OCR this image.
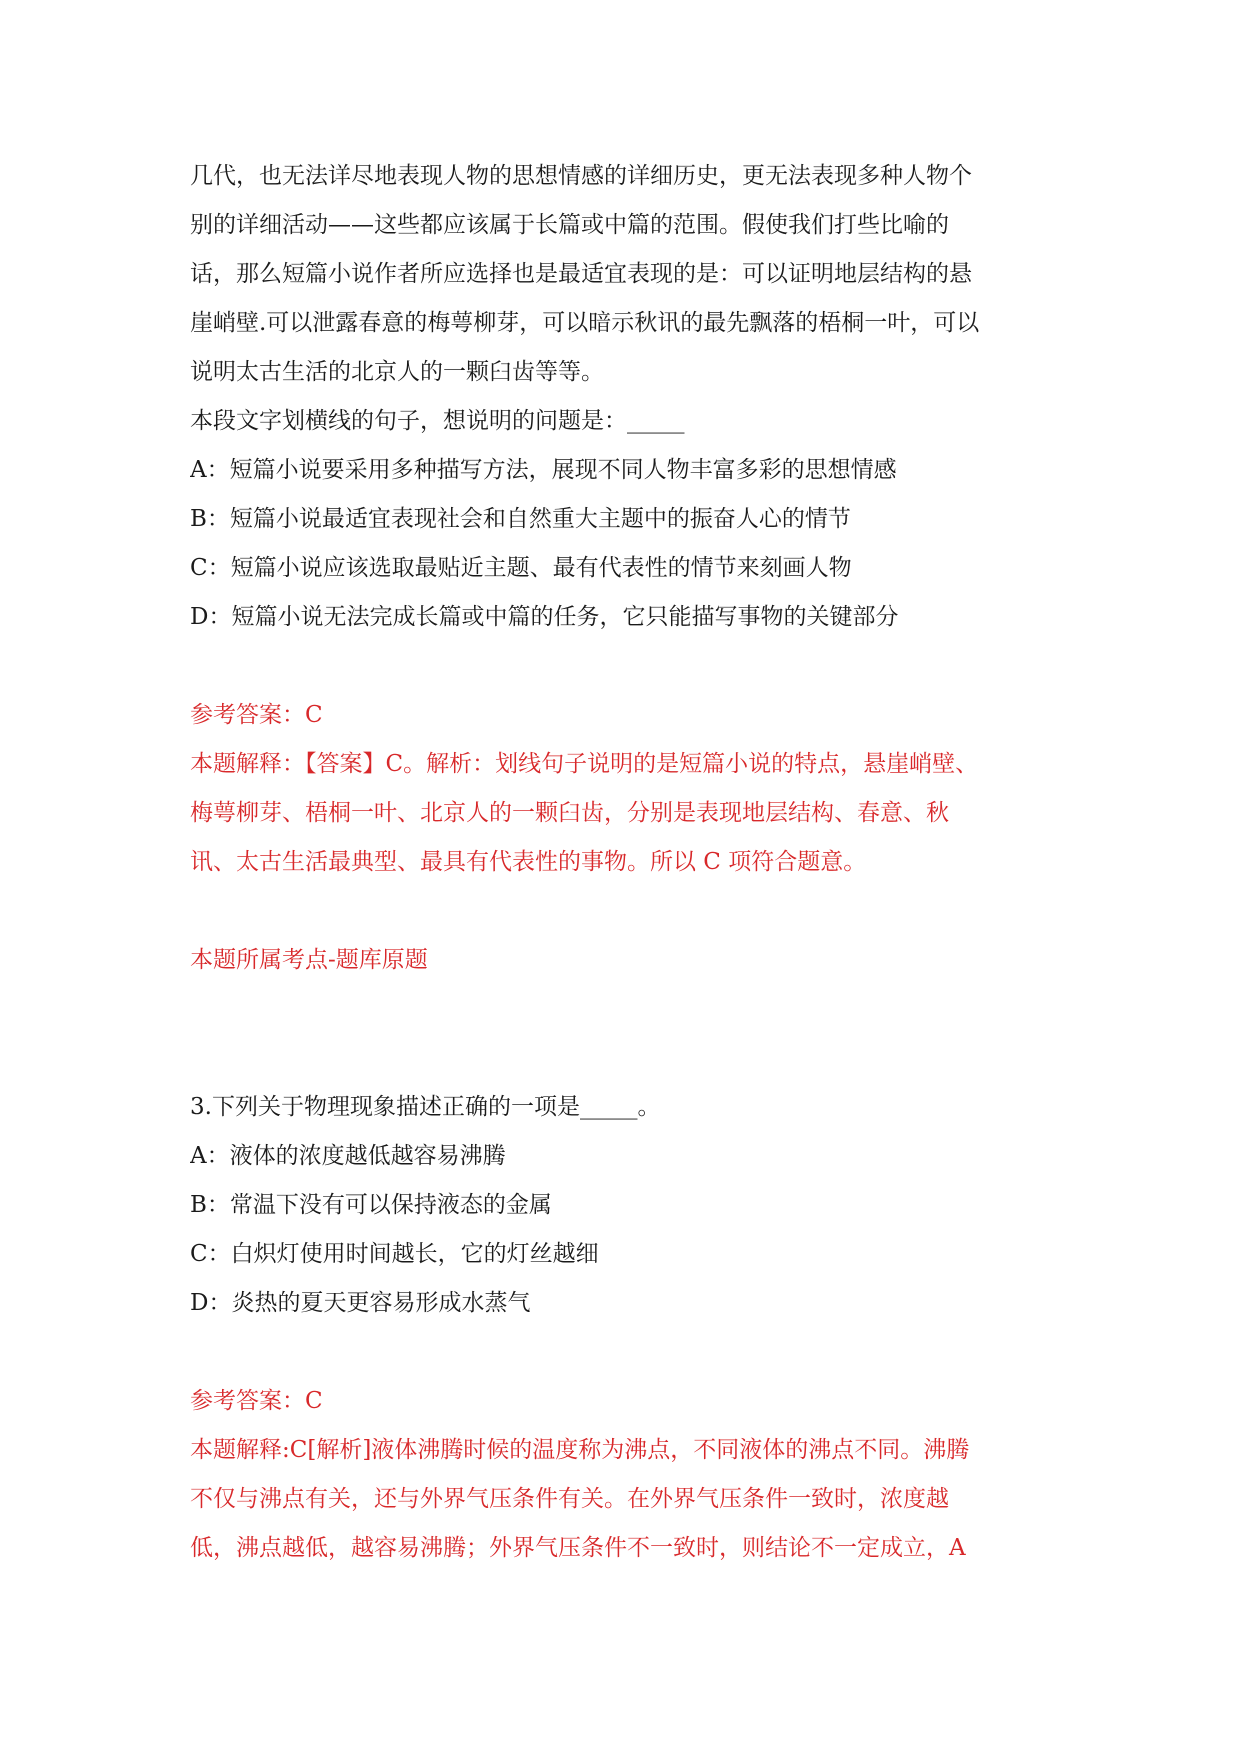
几代，也无法详尽地表现人物的思想情感的详细历史，更无法表现多种人物个
别的详细活动——这些都应该属于长篇或中篇的范围。假使我们打些比喻的
话，那么短篇小说作者所应选择也是最适宜表现的是：可以证明地层结构的悬
崖峭壁.可以泄露春意的梅萼柳芽，可以暗示秋讯的最先飘落的梧桐一叶，可以
说明太古生活的北京人的一颗臼齿等等。
本段文字划横线的句子，想说明的问题是：_____
A：短篇小说要采用多种描写方法，展现不同人物丰富多彩的思想情感
B：短篇小说最适宜表现社会和自然重大主题中的振奋人心的情节
C：短篇小说应该选取最贴近主题、最有代表性的情节来刻画人物
D：短篇小说无法完成长篇或中篇的任务，它只能描写事物的关键部分
参考答案：C
本题解释：【答案】C。解析：划线句子说明的是短篇小说的特点，悬崖峭壁、
梅萼柳芽、梧桐一叶、北京人的一颗臼齿，分别是表现地层结构、春意、秋
讯、太古生活最典型、最具有代表性的事物。所以 C 项符合题意。
本题所属考点-题库原题
3.下列关于物理现象描述正确的一项是_____。
A：液体的浓度越低越容易沸腾
B：常温下没有可以保持液态的金属
C：白炽灯使用时间越长，它的灯丝越细
D：炎热的夏天更容易形成水蒸气
参考答案：C
本题解释:C[解析]液体沸腾时候的温度称为沸点，不同液体的沸点不同。沸腾
不仅与沸点有关，还与外界气压条件有关。在外界气压条件一致时，浓度越
低，沸点越低，越容易沸腾；外界气压条件不一致时，则结论不一定成立，A
